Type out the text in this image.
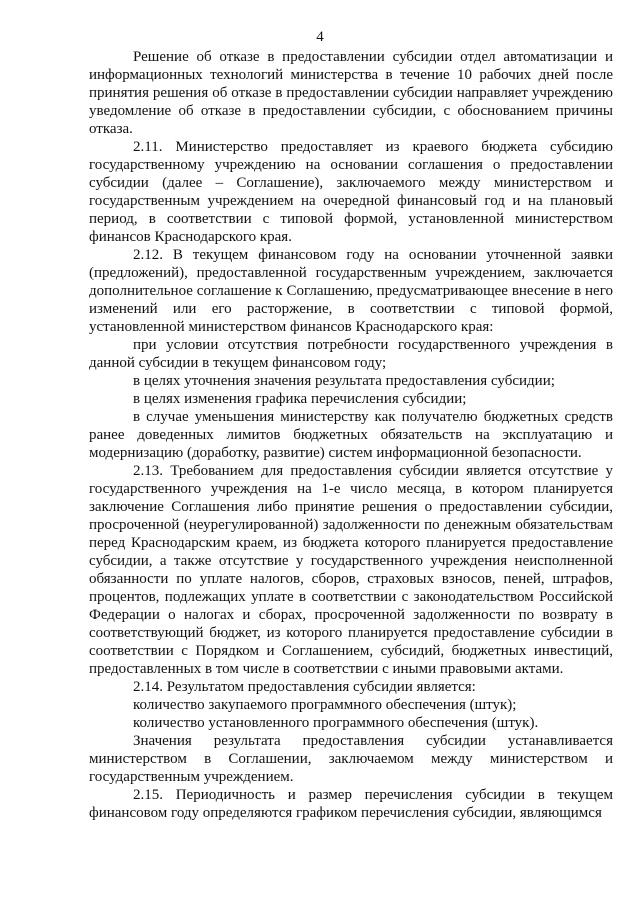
4

Решение об отказе в предоставлении субсидии отдел автоматизации и информационных технологий министерства в течение 10 рабочих дней после принятия решения об отказе в предоставлении субсидии направляет учреждению уведомление об отказе в предоставлении субсидии, с обоснованием причины отказа.

2.11. Министерство предоставляет из краевого бюджета субсидию государственному учреждению на основании соглашения о предоставлении субсидии (далее – Соглашение), заключаемого между министерством и государственным учреждением на очередной финансовый год и на плановый период, в соответствии с типовой формой, установленной министерством финансов Краснодарского края.

2.12. В текущем финансовом году на основании уточненной заявки (предложений), предоставленной государственным учреждением, заключается дополнительное соглашение к Соглашению, предусматривающее внесение в него изменений или его расторжение, в соответствии с типовой формой, установленной министерством финансов Краснодарского края:

при условии отсутствия потребности государственного учреждения в данной субсидии в текущем финансовом году;

в целях уточнения значения результата предоставления субсидии;

в целях изменения графика перечисления субсидии;

в случае уменьшения министерству как получателю бюджетных средств ранее доведенных лимитов бюджетных обязательств на эксплуатацию и модернизацию (доработку, развитие) систем информационной безопасности.

2.13. Требованием для предоставления субсидии является отсутствие у государственного учреждения на 1-е число месяца, в котором планируется заключение Соглашения либо принятие решения о предоставлении субсидии, просроченной (неурегулированной) задолженности по денежным обязательствам перед Краснодарским краем, из бюджета которого планируется предоставление субсидии, а также отсутствие у государственного учреждения неисполненной обязанности по уплате налогов, сборов, страховых взносов, пеней, штрафов, процентов, подлежащих уплате в соответствии с законодательством Российской Федерации о налогах и сборах, просроченной задолженности по возврату в соответствующий бюджет, из которого планируется предоставление субсидии в соответствии с Порядком и Соглашением, субсидий, бюджетных инвестиций, предоставленных в том числе в соответствии с иными правовыми актами.

2.14. Результатом предоставления субсидии является:

количество закупаемого программного обеспечения (штук);

количество установленного программного обеспечения (штук).

Значения результата предоставления субсидии устанавливается министерством в Соглашении, заключаемом между министерством и государственным учреждением.

2.15. Периодичность и размер перечисления субсидии в текущем финансовом году определяются графиком перечисления субсидии, являющимся
